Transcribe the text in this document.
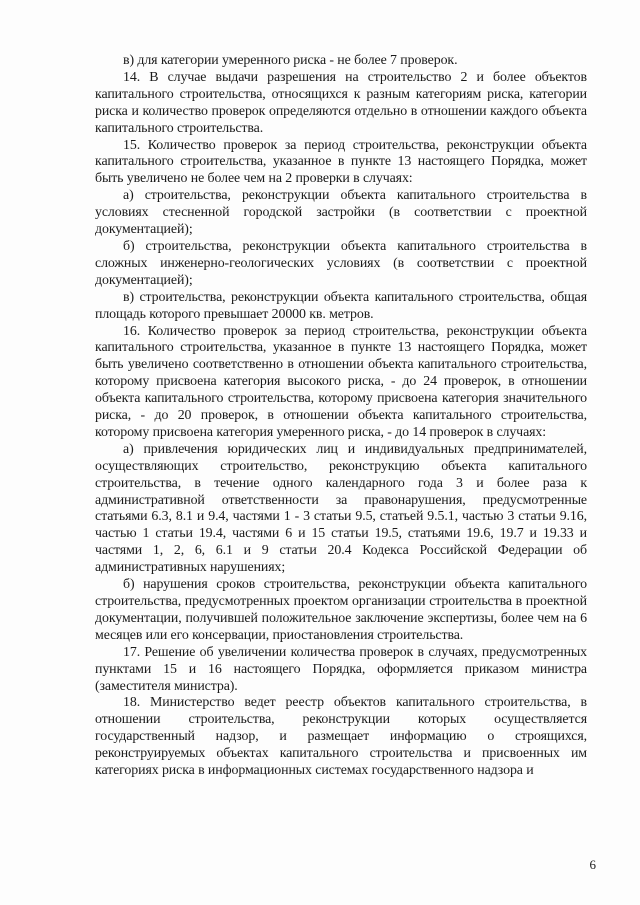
в) для категории умеренного риска - не более 7 проверок.

14. В случае выдачи разрешения на строительство 2 и более объектов капитального строительства, относящихся к разным категориям риска, категории риска и количество проверок определяются отдельно в отношении каждого объекта капитального строительства.

15. Количество проверок за период строительства, реконструкции объекта капитального строительства, указанное в пункте 13 настоящего Порядка, может быть увеличено не более чем на 2 проверки в случаях:

а) строительства, реконструкции объекта капитального строительства в условиях стесненной городской застройки (в соответствии с проектной документацией);

б) строительства, реконструкции объекта капитального строительства в сложных инженерно-геологических условиях (в соответствии с проектной документацией);

в) строительства, реконструкции объекта капитального строительства, общая площадь которого превышает 20000 кв. метров.

16. Количество проверок за период строительства, реконструкции объекта капитального строительства, указанное в пункте 13 настоящего Порядка, может быть увеличено соответственно в отношении объекта капитального строительства, которому присвоена категория высокого риска, - до 24 проверок, в отношении объекта капитального строительства, которому присвоена категория значительного риска, - до 20 проверок, в отношении объекта капитального строительства, которому присвоена категория умеренного риска, - до 14 проверок в случаях:

а) привлечения юридических лиц и индивидуальных предпринимателей, осуществляющих строительство, реконструкцию объекта капитального строительства, в течение одного календарного года 3 и более раза к административной ответственности за правонарушения, предусмотренные статьями 6.3, 8.1 и 9.4, частями 1 - 3 статьи 9.5, статьей 9.5.1, частью 3 статьи 9.16, частью 1 статьи 19.4, частями 6 и 15 статьи 19.5, статьями 19.6, 19.7 и 19.33 и частями 1, 2, 6, 6.1 и 9 статьи 20.4 Кодекса Российской Федерации об административных нарушениях;

б) нарушения сроков строительства, реконструкции объекта капитального строительства, предусмотренных проектом организации строительства в проектной документации, получившей положительное заключение экспертизы, более чем на 6 месяцев или его консервации, приостановления строительства.

17. Решение об увеличении количества проверок в случаях, предусмотренных пунктами 15 и 16 настоящего Порядка, оформляется приказом министра (заместителя министра).

18. Министерство ведет реестр объектов капитального строительства, в отношении строительства, реконструкции которых осуществляется государственный надзор, и размещает информацию о строящихся, реконструируемых объектах капитального строительства и присвоенных им категориях риска в информационных системах государственного надзора и

6
